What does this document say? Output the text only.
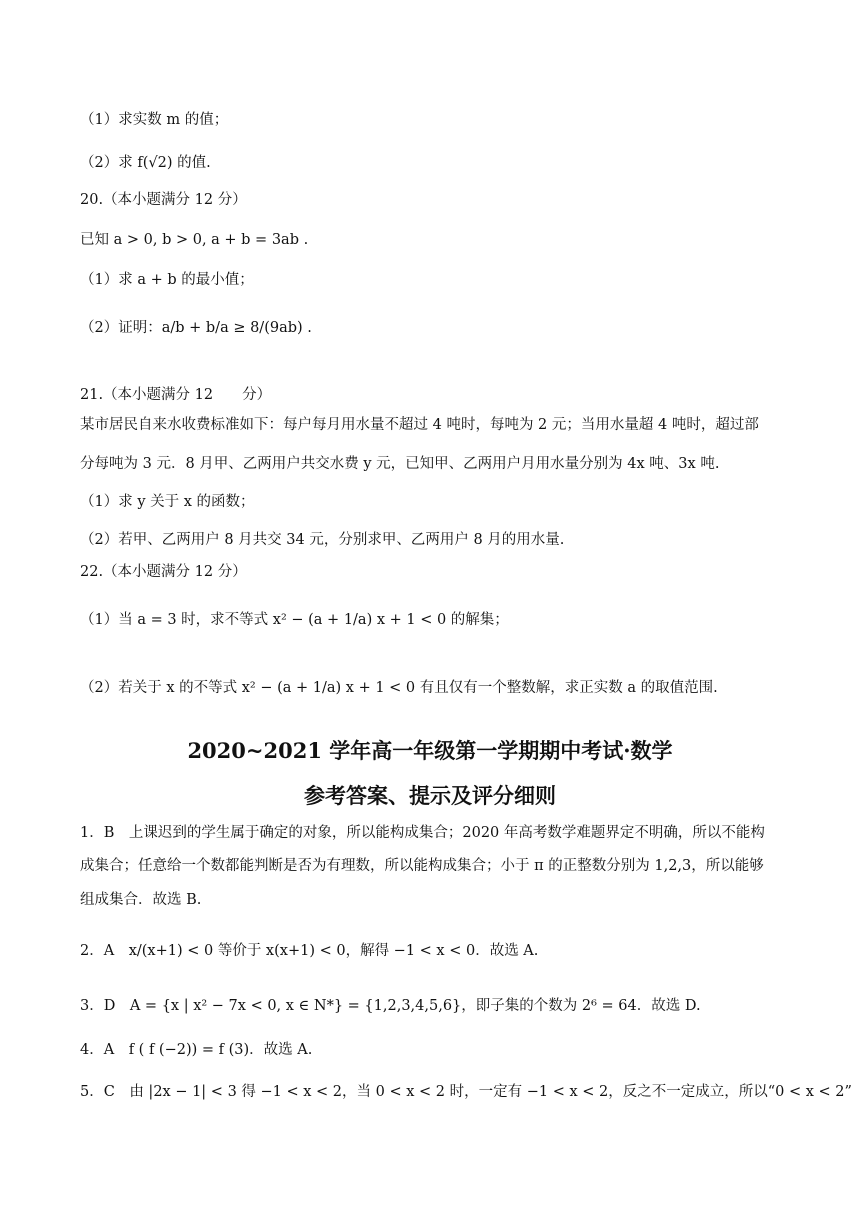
（1）求实数 m 的值；
（2）求 f(√2) 的值.
20.（本小题满分 12 分）
已知 a > 0, b > 0, a + b = 3ab .
（1）求 a + b 的最小值；
（2）证明：a/b + b/a ≥ 8/(9ab) .
21.（本小题满分 12　　分）
某市居民自来水收费标准如下：每户每月用水量不超过 4 吨时，每吨为 2 元；当用水量超 4 吨时，超过部
分每吨为 3 元．8 月甲、乙两用户共交水费 y 元，已知甲、乙两用户月用水量分别为 4x 吨、3x 吨.
（1）求 y 关于 x 的函数；
（2）若甲、乙两用户 8 月共交 34 元，分别求甲、乙两用户 8 月的用水量.
22.（本小题满分 12 分）
（1）当 a = 3 时，求不等式 x² − (a + 1/a) x + 1 < 0 的解集；
（2）若关于 x 的不等式 x² − (a + 1/a) x + 1 < 0 有且仅有一个整数解，求正实数 a 的取值范围.
2020~2021 学年高一年级第一学期期中考试·数学
参考答案、提示及评分细则
1．B　上课迟到的学生属于确定的对象，所以能构成集合；2020 年高考数学难题界定不明确，所以不能构
成集合；任意给一个数都能判断是否为有理数，所以能构成集合；小于 π 的正整数分别为 1,2,3，所以能够
组成集合．故选 B.
2．A　x/(x+1) < 0 等价于 x(x+1) < 0，解得 −1 < x < 0．故选 A.
3．D　A = {x | x² − 7x < 0, x ∈ N*} = {1,2,3,4,5,6}，即子集的个数为 2⁶ = 64．故选 D.
4．A　f ( f (−2)) = f (3)．故选 A.
5．C　由 |2x − 1| < 3 得 −1 < x < 2，当 0 < x < 2 时，一定有 −1 < x < 2，反之不一定成立，所以“0 < x < 2”
